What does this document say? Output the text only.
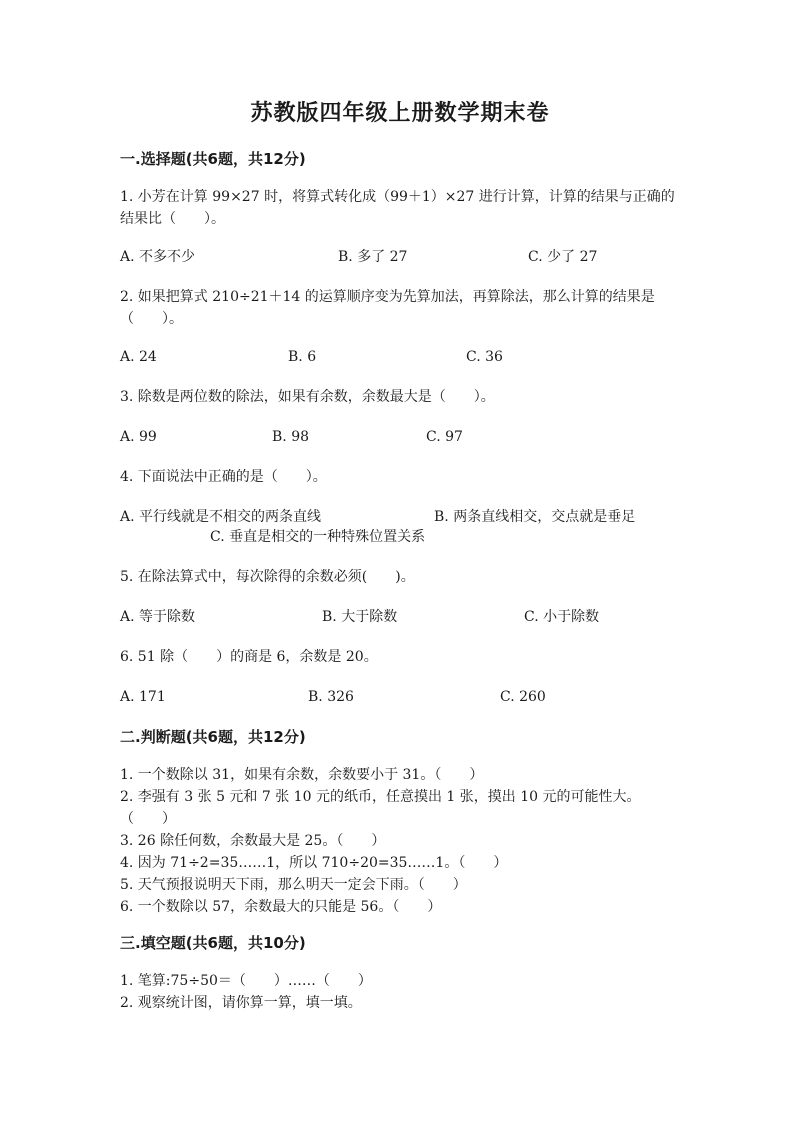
苏教版四年级上册数学期末卷
一.选择题(共6题，共12分)
1. 小芳在计算 99×27 时，将算式转化成（99＋1）×27 进行计算，计算的结果与正确的结果比（　　）。
A. 不多不少	B. 多了 27	C. 少了 27
2. 如果把算式 210÷21＋14 的运算顺序变为先算加法，再算除法，那么计算的结果是（　　）。
A. 24	B. 6	C. 36
3. 除数是两位数的除法，如果有余数，余数最大是（　　）。
A. 99	B. 98	C. 97
4. 下面说法中正确的是（　　）。
A. 平行线就是不相交的两条直线	B. 两条直线相交，交点就是垂足
C. 垂直是相交的一种特殊位置关系
5. 在除法算式中，每次除得的余数必须(　　)。
A. 等于除数	B. 大于除数	C. 小于除数
6. 51 除（　　）的商是 6，余数是 20。
A. 171	B. 326	C. 260
二.判断题(共6题，共12分)
1. 一个数除以 31，如果有余数，余数要小于 31。（　　）
2. 李强有 3 张 5 元和 7 张 10 元的纸币，任意摸出 1 张，摸出 10 元的可能性大。（　　）
3. 26 除任何数，余数最大是 25。（　　）
4. 因为 71÷2=35……1，所以 710÷20=35……1。（　　）
5. 天气预报说明天下雨，那么明天一定会下雨。（　　）
6. 一个数除以 57，余数最大的只能是 56。（　　）
三.填空题(共6题，共10分)
1. 笔算:75÷50＝（　　）……（　　）
2. 观察统计图，请你算一算，填一填。
